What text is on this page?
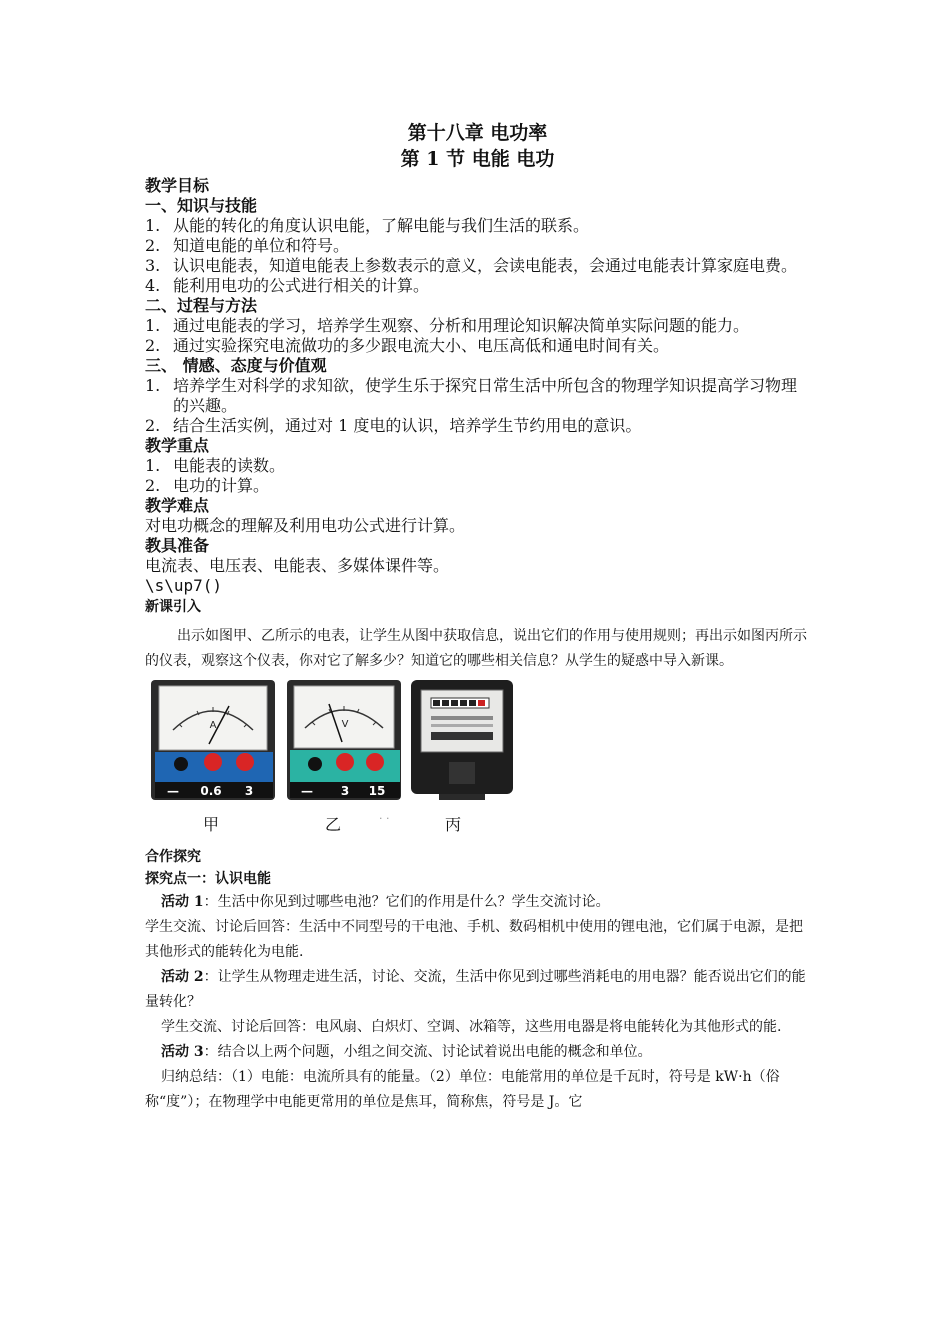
第十八章 电功率

第 1 节 电能 电功

教学目标

一、知识与技能

1. 从能的转化的角度认识电能，了解电能与我们生活的联系。

2. 知道电能的单位和符号。

3. 认识电能表，知道电能表上参数表示的意义，会读电能表，会通过电能表计算家庭电费。

4. 能利用电功的公式进行相关的计算。

二、过程与方法

1. 通过电能表的学习，培养学生观察、分析和用理论知识解决简单实际问题的能力。

2. 通过实验探究电流做功的多少跟电流大小、电压高低和通电时间有关。

三、 情感、态度与价值观

1. 培养学生对科学的求知欲，使学生乐于探究日常生活中所包含的物理学知识提高学习物理的兴趣。

2. 结合生活实例，通过对 1 度电的认识，培养学生节约用电的意识。

教学重点

1. 电能表的读数。

2. 电功的计算。

教学难点

对电功概念的理解及利用电功公式进行计算。

教具准备

电流表、电压表、电能表、多媒体课件等。

\s\up7()

新课引入

出示如图甲、乙所示的电表，让学生从图中获取信息，说出它们的作用与使用规则；再出示如图丙所示的仪表，观察这个仪表，你对它了解多少？知道它的哪些相关信息？从学生的疑惑中导入新课。

A
— 0.6 3
V
— 3 15
甲	乙	· ·	丙

合作探究

探究点一：认识电能

活动 1：生活中你见到过哪些电池？它们的作用是什么？学生交流讨论。

学生交流、讨论后回答：生活中不同型号的干电池、手机、数码相机中使用的锂电池，它们属于电源，是把其他形式的能转化为电能.

活动 2：让学生从物理走进生活，讨论、交流，生活中你见到过哪些消耗电的用电器？能否说出它们的能量转化？

学生交流、讨论后回答：电风扇、白炽灯、空调、冰箱等，这些用电器是将电能转化为其他形式的能.

活动 3：结合以上两个问题，小组之间交流、讨论试着说出电能的概念和单位。

归纳总结：（1）电能：电流所具有的能量。（2）单位：电能常用的单位是千瓦时，符号是 kW·h（俗称“度”）；在物理学中电能更常用的单位是焦耳，简称焦，符号是 J。它
